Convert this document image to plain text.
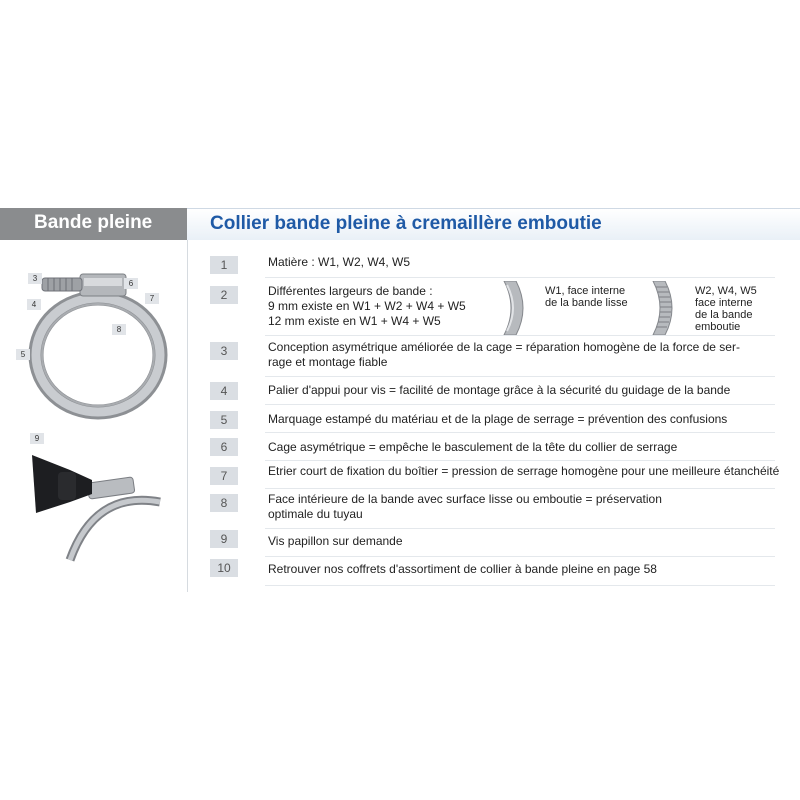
Bande pleine	Collier bande pleine à cremaillère emboutie
3
4
5
6
7
8
9
1	Matière : W1, W2, W4, W5
2	Différentes largeurs de bande :
9 mm existe en W1 + W2 + W4 + W5
12 mm existe en W1 + W4 + W5
W1, face interne
de la bande lisse
W2, W4, W5
face interne
de la bande
emboutie
3	Conception asymétrique améliorée de la cage = réparation homogène de la force de ser-
rage et montage fiable
4	Palier d'appui pour vis = facilité de montage grâce à la sécurité du guidage de la bande
5	Marquage estampé du matériau et de la plage de serrage = prévention des confusions
6	Cage asymétrique = empêche le basculement de la tête du collier de serrage
7	Etrier court de fixation du boîtier = pression de serrage homogène pour une meilleure étanchéité
8	Face intérieure de la bande avec surface lisse ou emboutie = préservation
optimale du tuyau
9	Vis papillon sur demande
10	Retrouver nos coffrets d'assortiment de collier à bande pleine en page 58
